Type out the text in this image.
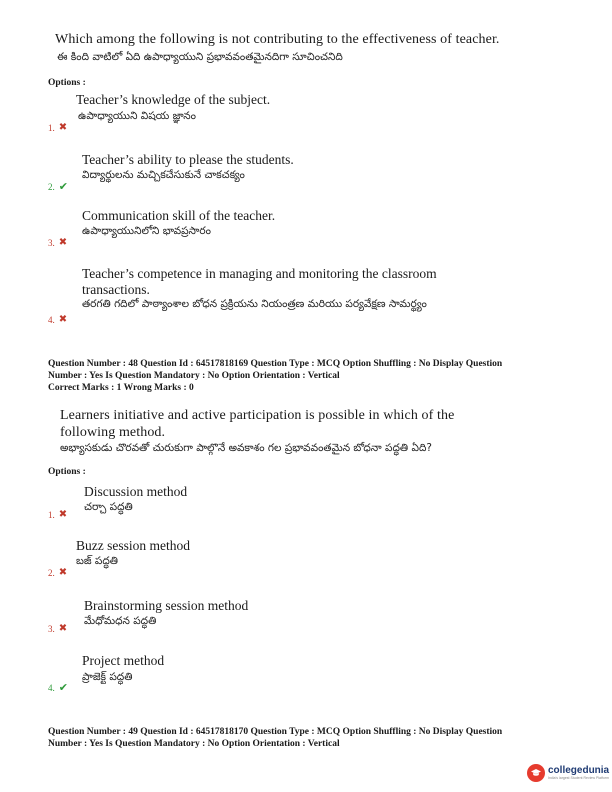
Which among the following is not contributing to the effectiveness of teacher.
ఈ కింది వాటిలో ఏది ఉపాధ్యాయుని ప్రభావవంతమైనదిగా సూచించనిది
Options :
Teacher’s knowledge of the subject.
ఉపాధ్యాయుని విషయ జ్ఞానం
1. ✖
Teacher’s ability to please the students.
విద్యార్థులను మచ్చికచేసుకునే చాకచక్యం
2. ✔
Communication skill of the teacher.
ఉపాధ్యాయునిలోని భావప్రసారం
3. ✖
Teacher’s competence in managing and monitoring the classroom
transactions.
తరగతి గదిలో పాఠ్యాంశాల బోధన ప్రక్రియను నియంత్రణ మరియు పర్యవేక్షణ సామర్థ్యం
4. ✖
Question Number : 48 Question Id : 64517818169 Question Type : MCQ Option Shuffling : No Display Question
Number : Yes Is Question Mandatory : No Option Orientation : Vertical
Correct Marks : 1 Wrong Marks : 0
Learners initiative and active participation is possible in which of the
following method.
అభ్యాసకుడు చొరవతో చురుకుగా పాల్గొనే అవకాశం గల ప్రభావవంతమైన బోధనా పద్ధతి ఏది?
Options :
Discussion method
చర్చా పద్ధతి
1. ✖
Buzz session method
బజ్ పద్ధతి
2. ✖
Brainstorming session method
మేధోమధన పద్ధతి
3. ✖
Project method
ప్రాజెక్ట్ పద్ధతి
4. ✔
Question Number : 49 Question Id : 64517818170 Question Type : MCQ Option Shuffling : No Display Question
Number : Yes Is Question Mandatory : No Option Orientation : Vertical
collegedunia
India's largest Student Review Platform
